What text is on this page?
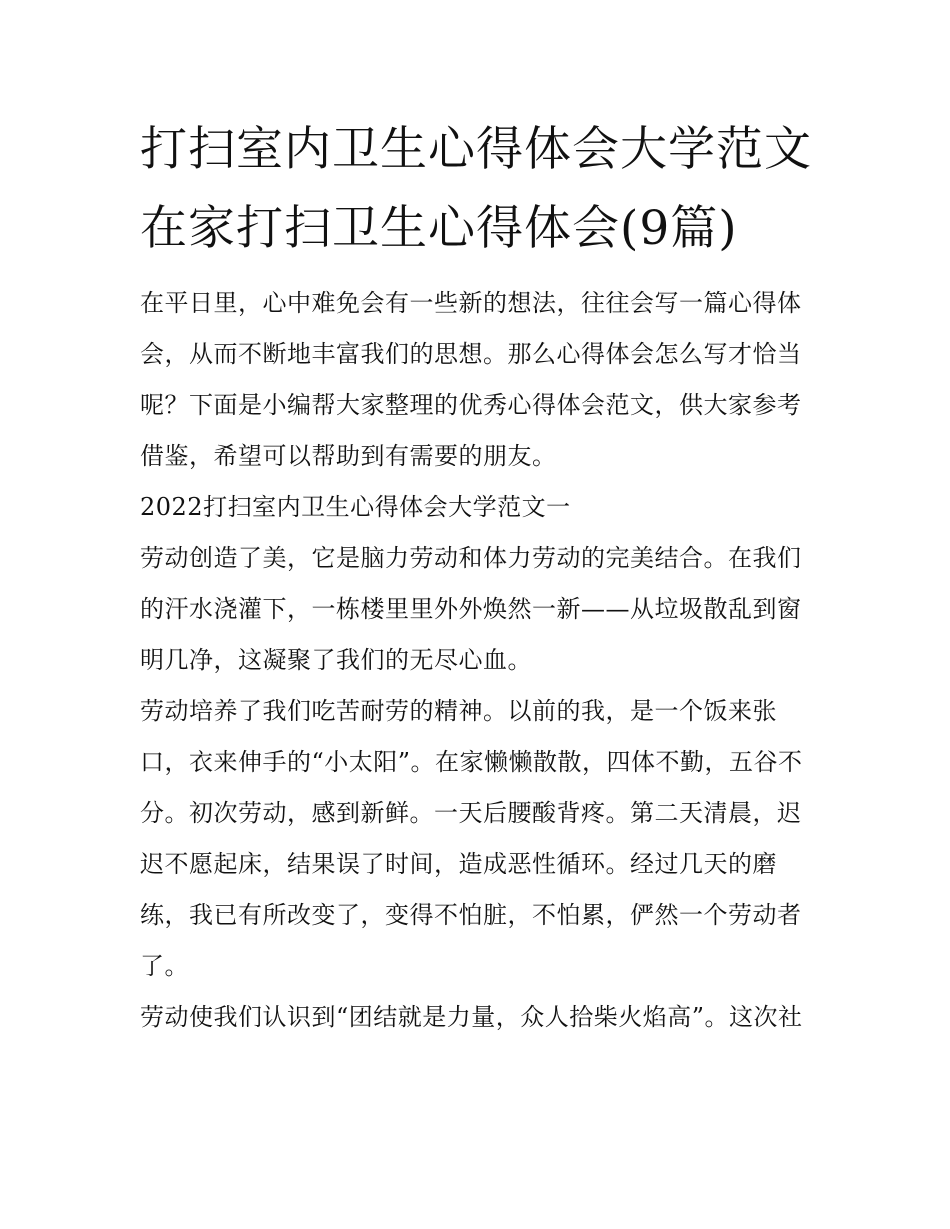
打扫室内卫生心得体会大学范文 在家打扫卫生心得体会(9篇)

在平日里，心中难免会有一些新的想法，往往会写一篇心得体会，从而不断地丰富我们的思想。那么心得体会怎么写才恰当呢？下面是小编帮大家整理的优秀心得体会范文，供大家参考借鉴，希望可以帮助到有需要的朋友。

2022打扫室内卫生心得体会大学范文一

劳动创造了美，它是脑力劳动和体力劳动的完美结合。在我们的汗水浇灌下，一栋楼里里外外焕然一新——从垃圾散乱到窗明几净，这凝聚了我们的无尽心血。

劳动培养了我们吃苦耐劳的精神。以前的我，是一个饭来张口，衣来伸手的“小太阳”。在家懒懒散散，四体不勤，五谷不分。初次劳动，感到新鲜。一天后腰酸背疼。第二天清晨，迟迟不愿起床，结果误了时间，造成恶性循环。经过几天的磨练，我已有所改变了，变得不怕脏，不怕累，俨然一个劳动者了。

劳动使我们认识到“团结就是力量，众人拾柴火焰高”。这次社
